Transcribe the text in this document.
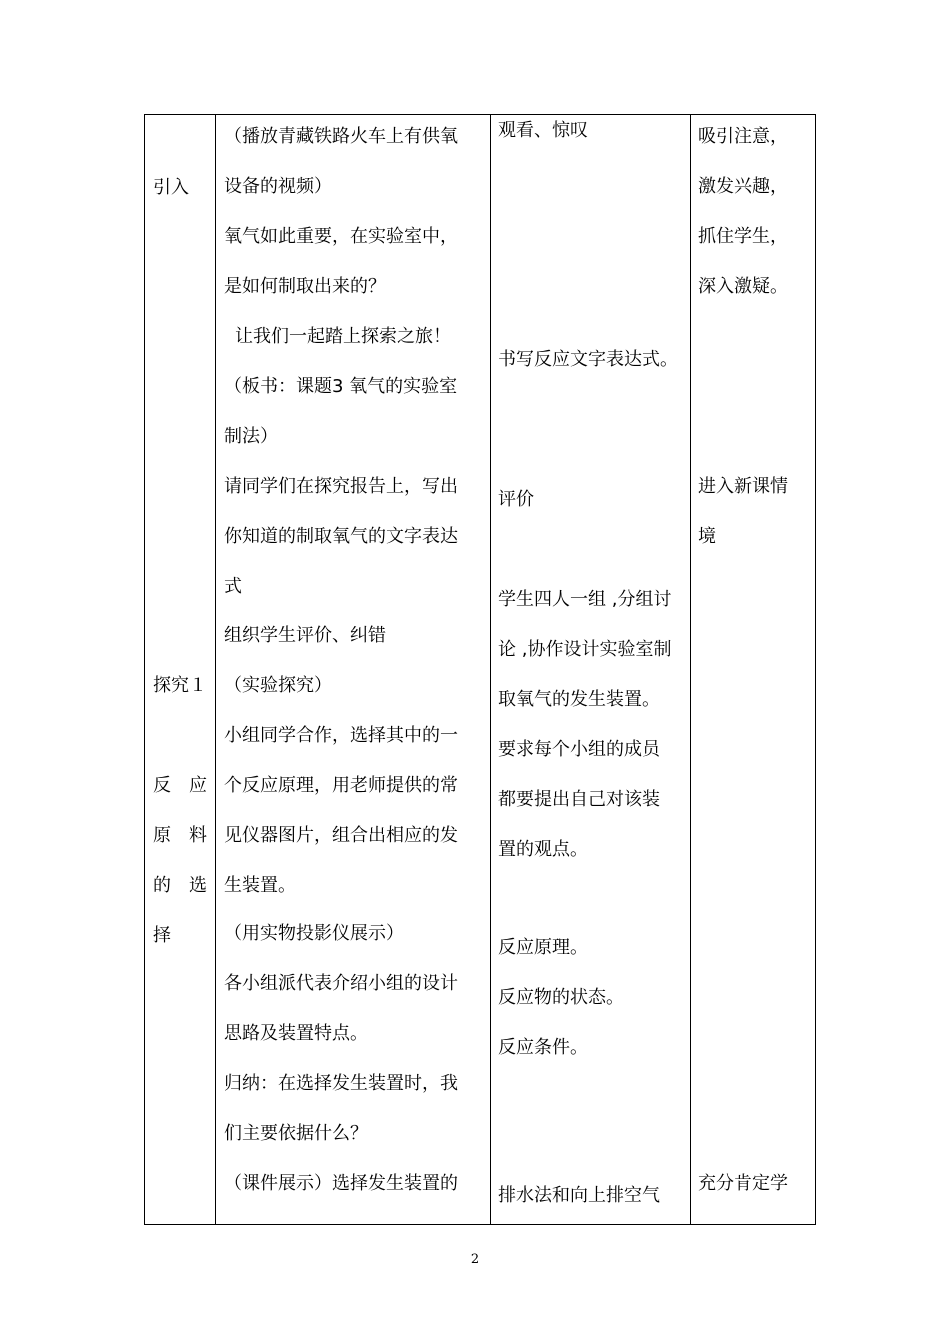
引入
探究１
反 应
原 料
的 选
择
（播放青藏铁路火车上有供氧
设备的视频）
氧气如此重要，在实验室中，
是如何制取出来的？
让我们一起踏上探索之旅！
（板书：课题3 氧气的实验室
制法）
请同学们在探究报告上，写出
你知道的制取氧气的文字表达
式
组织学生评价、纠错
（实验探究）
小组同学合作，选择其中的一
个反应原理，用老师提供的常
见仪器图片，组合出相应的发
生装置。
（用实物投影仪展示）
各小组派代表介绍小组的设计
思路及装置特点。
归纳：在选择发生装置时，我
们主要依据什么？
（课件展示）选择发生装置的
观看、惊叹
书写反应文字表达式。
评价
学生四人一组 ,分组讨
论 ,协作设计实验室制
取氧气的发生装置。
要求每个小组的成员
都要提出自己对该装
置的观点。
反应原理。
反应物的状态。
反应条件。
排水法和向上排空气
吸引注意，
激发兴趣，
抓住学生，
深入激疑。
进入新课情
境
充分肯定学
2
